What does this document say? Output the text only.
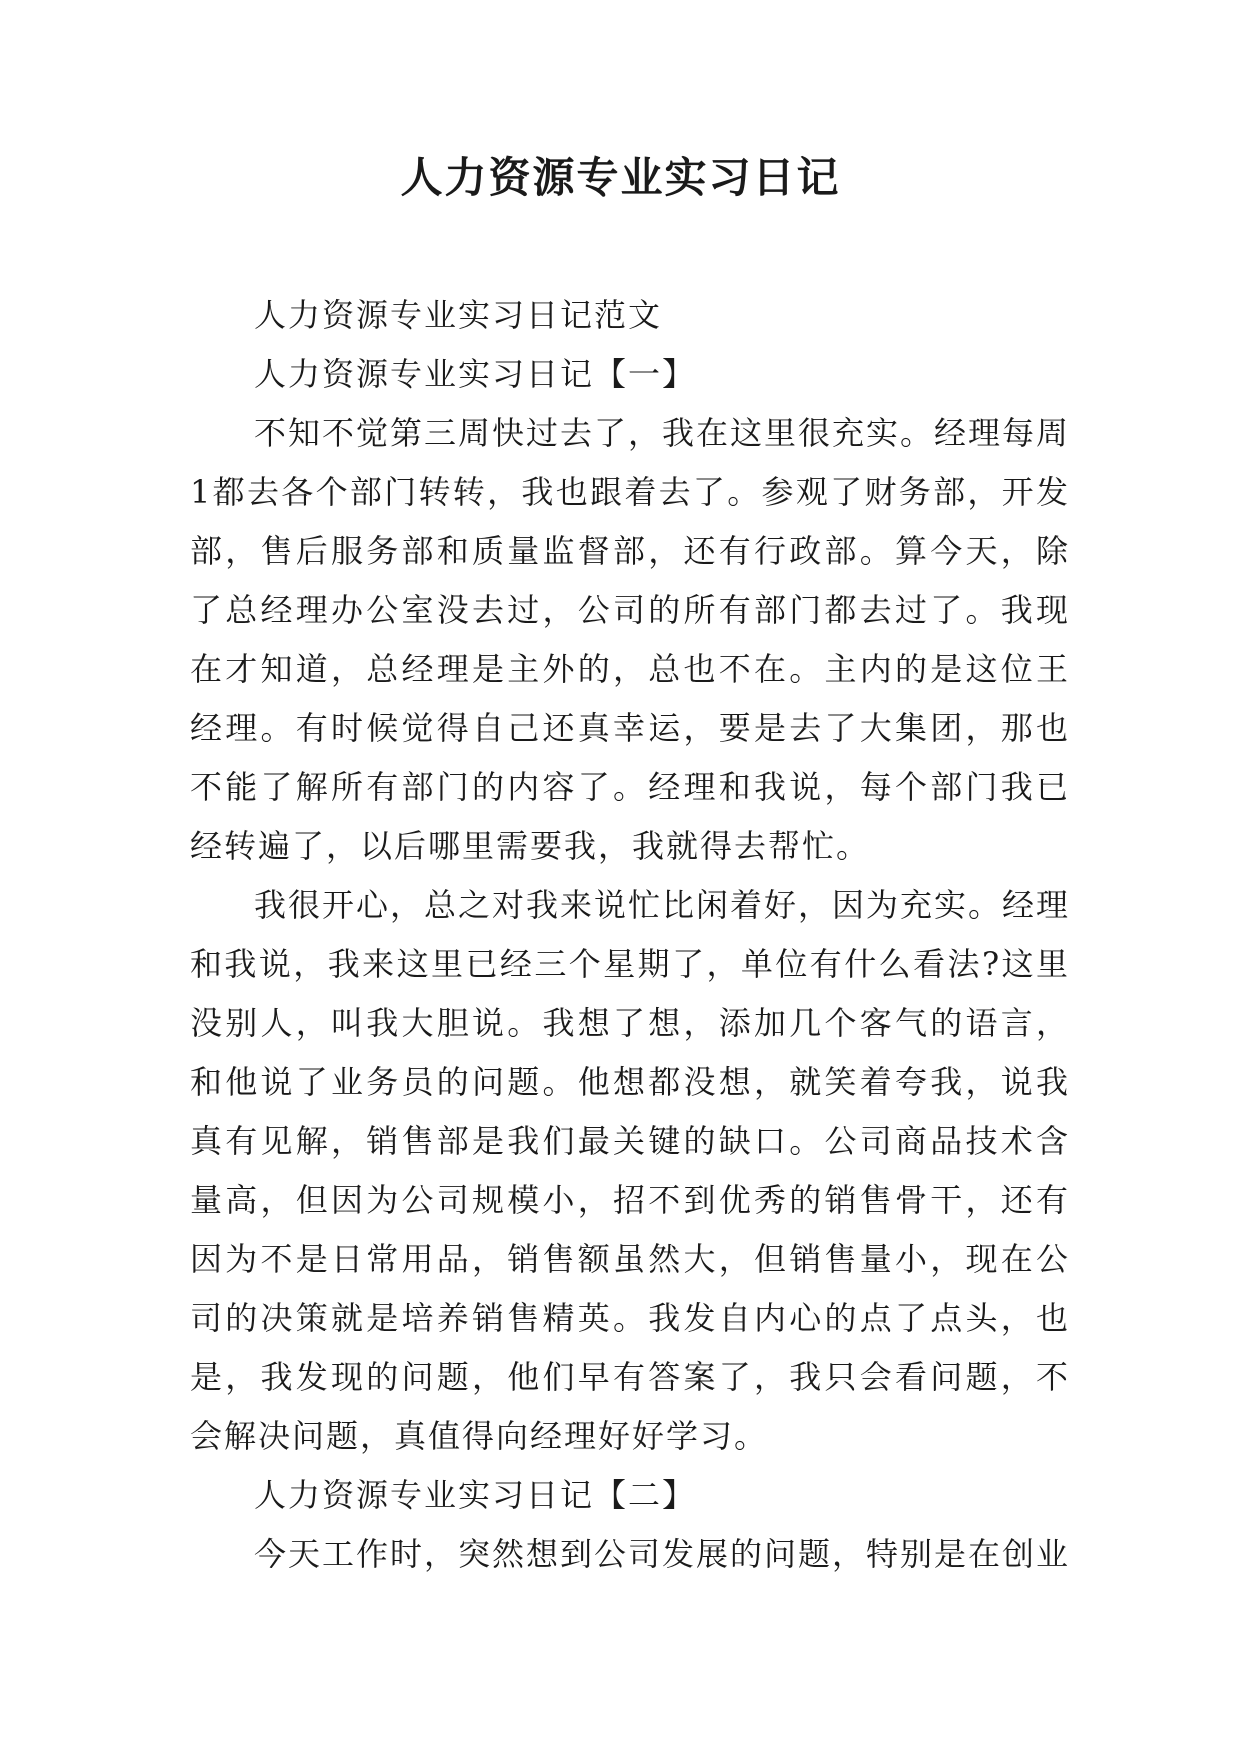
人力资源专业实习日记

人力资源专业实习日记范文

人力资源专业实习日记【一】

不知不觉第三周快过去了，我在这里很充实。经理每周1都去各个部门转转，我也跟着去了。参观了财务部，开发部，售后服务部和质量监督部，还有行政部。算今天，除了总经理办公室没去过，公司的所有部门都去过了。我现在才知道，总经理是主外的，总也不在。主内的是这位王经理。有时候觉得自己还真幸运，要是去了大集团，那也不能了解所有部门的内容了。经理和我说，每个部门我已经转遍了，以后哪里需要我，我就得去帮忙。

我很开心，总之对我来说忙比闲着好，因为充实。经理和我说，我来这里已经三个星期了，单位有什么看法?这里没别人，叫我大胆说。我想了想，添加几个客气的语言，和他说了业务员的问题。他想都没想，就笑着夸我，说我真有见解，销售部是我们最关键的缺口。公司商品技术含量高，但因为公司规模小，招不到优秀的销售骨干，还有因为不是日常用品，销售额虽然大，但销售量小，现在公司的决策就是培养销售精英。我发自内心的点了点头，也是，我发现的问题，他们早有答案了，我只会看问题，不会解决问题，真值得向经理好好学习。

人力资源专业实习日记【二】

今天工作时，突然想到公司发展的问题，特别是在创业
